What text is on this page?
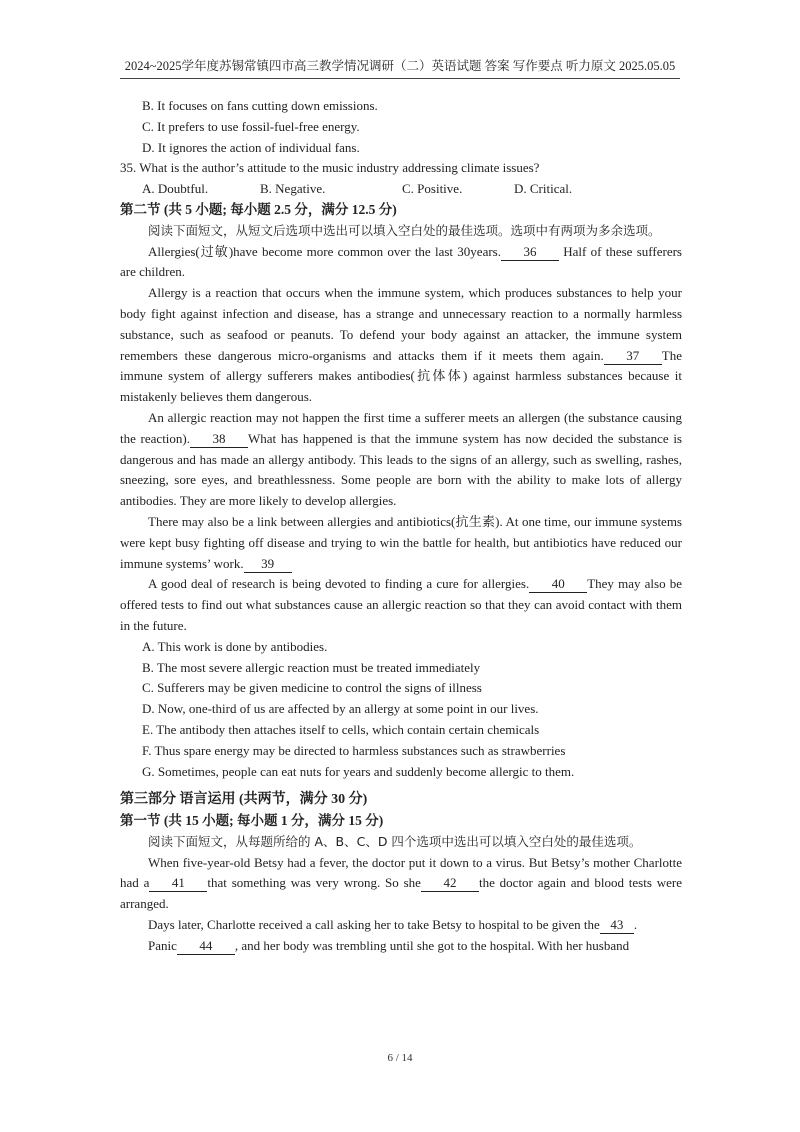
2024~2025学年度苏锡常镇四市高三教学情况调研（二）英语试题 答案 写作要点 听力原文 2025.05.05
B. It focuses on fans cutting down emissions.
C. It prefers to use fossil-fuel-free energy.
D. It ignores the action of individual fans.
35. What is the author’s attitude to the music industry addressing climate issues?
A. Doubtful.	B. Negative.	C. Positive.	D. Critical.
第二节 (共 5 小题; 每小题 2.5 分，满分 12.5 分)
阅读下面短文，从短文后选项中选出可以填入空白处的最佳选项。选项中有两项为多余选项。
Allergies(过敏)have become more common over the last 30years. 36 Half of these sufferers are children.
Allergy is a reaction that occurs when the immune system, which produces substances to help your body fight against infection and disease, has a strange and unnecessary reaction to a normally harmless substance, such as seafood or peanuts. To defend your body against an attacker, the immune system remembers these dangerous micro-organisms and attacks them if it meets them again. 37 The immune system of allergy sufferers makes antibodies(抗体体) against harmless substances because it mistakenly believes them dangerous.
An allergic reaction may not happen the first time a sufferer meets an allergen (the substance causing the reaction). 38 What has happened is that the immune system has now decided the substance is dangerous and has made an allergy antibody. This leads to the signs of an allergy, such as swelling, rashes, sneezing, sore eyes, and breathlessness. Some people are born with the ability to make lots of allergy antibodies. They are more likely to develop allergies.
There may also be a link between allergies and antibiotics(抗生素). At one time, our immune systems were kept busy fighting off disease and trying to win the battle for health, but antibiotics have reduced our immune systems’ work. 39
A good deal of research is being devoted to finding a cure for allergies. 40 They may also be offered tests to find out what substances cause an allergic reaction so that they can avoid contact with them in the future.
A. This work is done by antibodies.
B. The most severe allergic reaction must be treated immediately
C. Sufferers may be given medicine to control the signs of illness
D. Now, one-third of us are affected by an allergy at some point in our lives.
E. The antibody then attaches itself to cells, which contain certain chemicals
F. Thus spare energy may be directed to harmless substances such as strawberries
G. Sometimes, people can eat nuts for years and suddenly become allergic to them.
第三部分 语言运用 (共两节，满分 30 分)
第一节 (共 15 小题; 每小题 1 分，满分 15 分)
阅读下面短文，从每题所给的 A、B、C、D 四个选项中选出可以填入空白处的最佳选项。
When five-year-old Betsy had a fever, the doctor put it down to a virus. But Betsy’s mother Charlotte had a 41 that something was very wrong. So she 42 the doctor again and blood tests were arranged.
Days later, Charlotte received a call asking her to take Betsy to hospital to be given the 43 .
Panic 44 , and her body was trembling until she got to the hospital. With her husband
6 / 14
